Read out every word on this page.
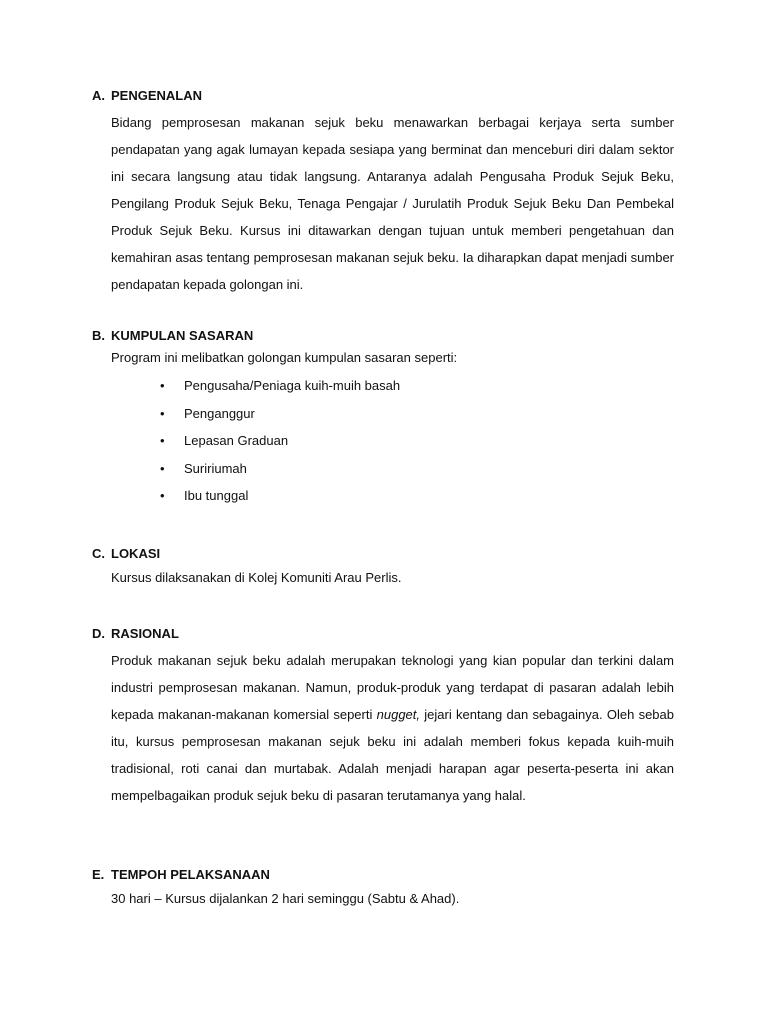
A. PENGENALAN
Bidang pemprosesan makanan sejuk beku menawarkan berbagai kerjaya serta sumber pendapatan yang agak lumayan kepada sesiapa yang berminat dan menceburi diri dalam sektor ini secara langsung atau tidak langsung. Antaranya adalah Pengusaha Produk Sejuk Beku, Pengilang Produk Sejuk Beku, Tenaga Pengajar / Jurulatih Produk Sejuk Beku Dan Pembekal Produk Sejuk Beku. Kursus ini ditawarkan dengan tujuan untuk memberi pengetahuan dan kemahiran asas tentang pemprosesan makanan sejuk beku. Ia diharapkan dapat menjadi sumber pendapatan kepada golongan ini.
B. KUMPULAN SASARAN
Program ini melibatkan golongan kumpulan sasaran seperti:
• Pengusaha/Peniaga kuih-muih basah
• Penganggur
• Lepasan Graduan
• Suririumah
• Ibu tunggal
C. LOKASI
Kursus dilaksanakan di Kolej Komuniti Arau Perlis.
D. RASIONAL
Produk makanan sejuk beku adalah merupakan teknologi yang kian popular dan terkini dalam industri pemprosesan makanan. Namun, produk-produk yang terdapat di pasaran adalah lebih kepada makanan-makanan komersial seperti nugget, jejari kentang dan sebagainya. Oleh sebab itu, kursus pemprosesan makanan sejuk beku ini adalah memberi fokus kepada kuih-muih tradisional, roti canai dan murtabak. Adalah menjadi harapan agar peserta-peserta ini akan mempelbagaikan produk sejuk beku di pasaran terutamanya yang halal.
E. TEMPOH PELAKSANAAN
30 hari – Kursus dijalankan 2 hari seminggu (Sabtu & Ahad).
